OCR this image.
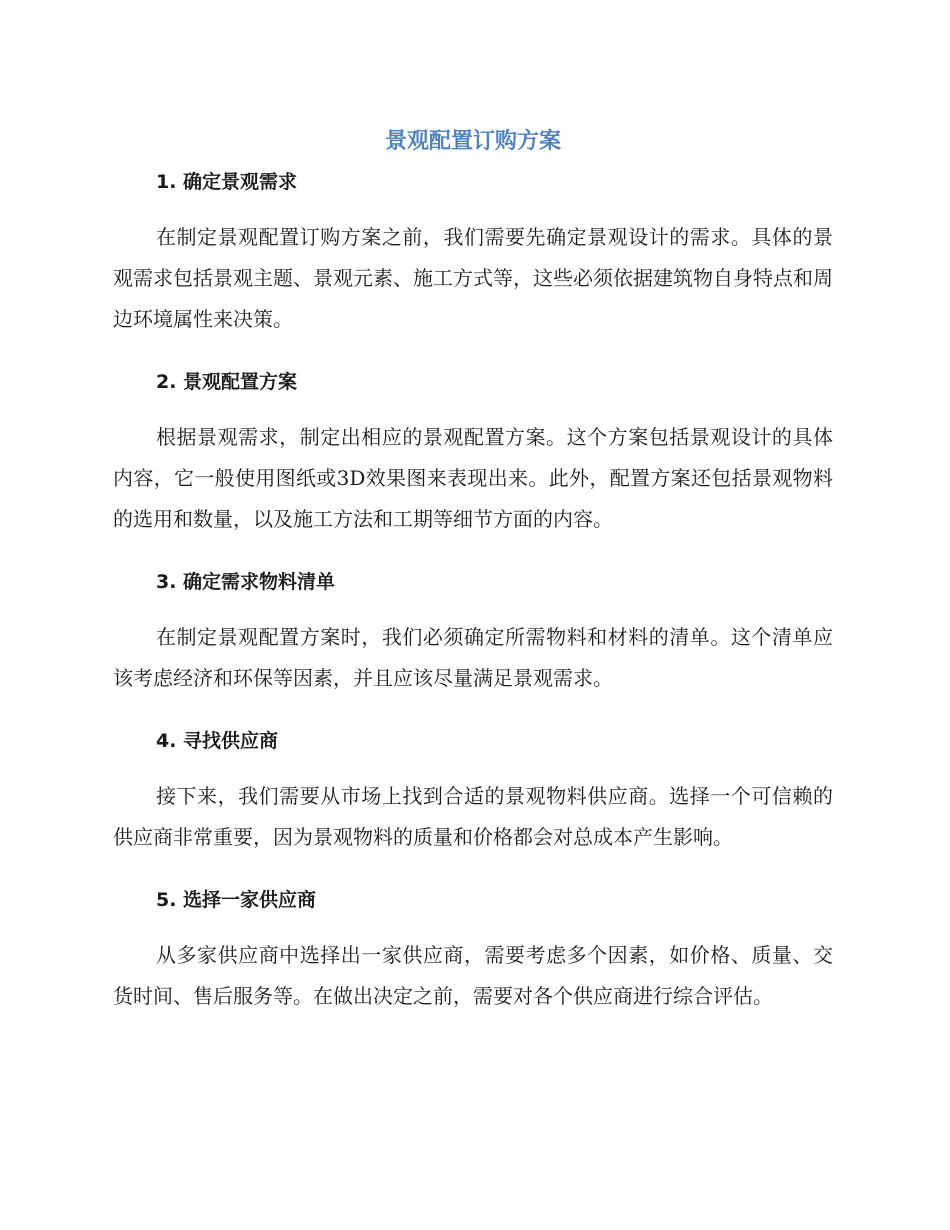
景观配置订购方案
1. 确定景观需求

在制定景观配置订购方案之前，我们需要先确定景观设计的需求。具体的景观需求包括景观主题、景观元素、施工方式等，这些必须依据建筑物自身特点和周边环境属性来决策。

2. 景观配置方案

根据景观需求，制定出相应的景观配置方案。这个方案包括景观设计的具体内容，它一般使用图纸或3D效果图来表现出来。此外，配置方案还包括景观物料的选用和数量，以及施工方法和工期等细节方面的内容。

3. 确定需求物料清单

在制定景观配置方案时，我们必须确定所需物料和材料的清单。这个清单应该考虑经济和环保等因素，并且应该尽量满足景观需求。

4. 寻找供应商

接下来，我们需要从市场上找到合适的景观物料供应商。选择一个可信赖的供应商非常重要，因为景观物料的质量和价格都会对总成本产生影响。

5. 选择一家供应商

从多家供应商中选择出一家供应商，需要考虑多个因素，如价格、质量、交货时间、售后服务等。在做出决定之前，需要对各个供应商进行综合评估。
